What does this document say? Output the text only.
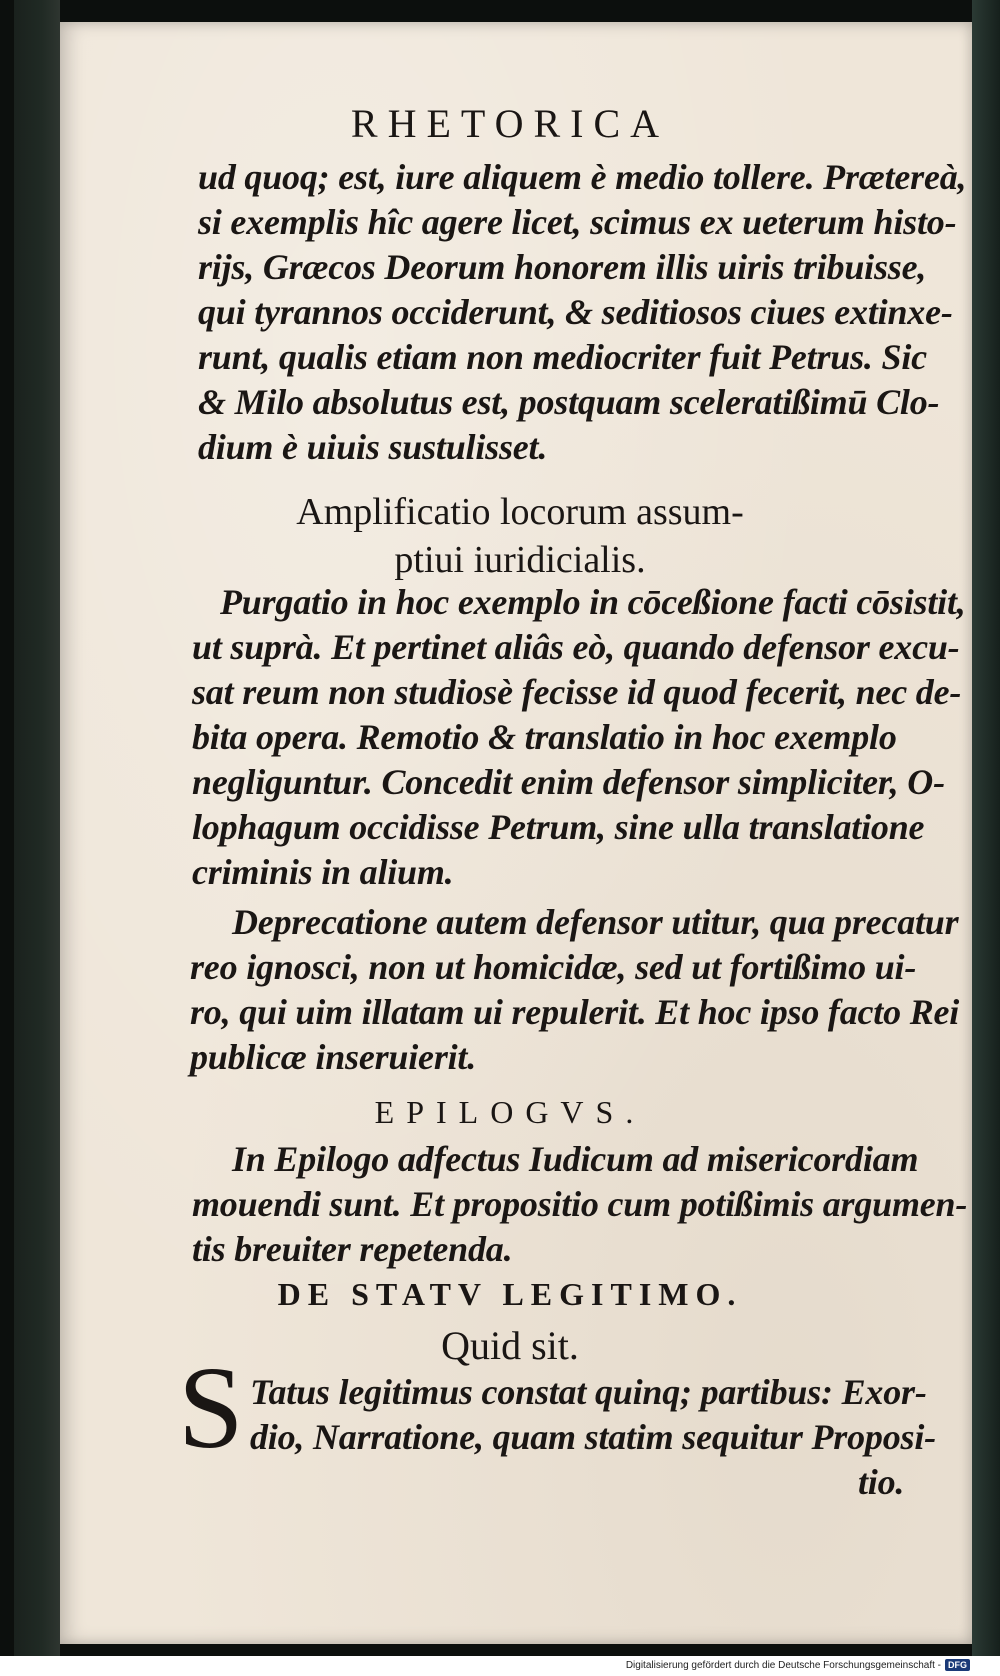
RHETORICA
ud quoq; est, iure aliquem è medio tollere. Prætereà,
si exemplis hîc agere licet, scimus ex ueterum histo-
rijs, Græcos Deorum honorem illis uiris tribuisse,
qui tyrannos occiderunt, & seditiosos ciues extinxe-
runt, qualis etiam non mediocriter fuit Petrus. Sic
& Milo absolutus est, postquam sceleratißimū Clo-
dium è uiuis sustulisset.
Amplificatio locorum assum-
ptiui iuridicialis.
Purgatio in hoc exemplo in cōceßione facti cōsistit,
ut suprà. Et pertinet aliâs eò, quando defensor excu-
sat reum non studiosè fecisse id quod fecerit, nec de-
bita opera. Remotio & translatio in hoc exemplo
negliguntur. Concedit enim defensor simpliciter, O-
lophagum occidisse Petrum, sine ulla translatione
criminis in alium.
Deprecatione autem defensor utitur, qua precatur
reo ignosci, non ut homicidæ, sed ut fortißimo ui-
ro, qui uim illatam ui repulerit. Et hoc ipso facto Rei
publicæ inseruierit.
EPILOGVS.
In Epilogo adfectus Iudicum ad misericordiam
mouendi sunt. Et propositio cum potißimis argumen-
tis breuiter repetenda.
DE STATV LEGITIMO.
Quid sit.
S Tatus legitimus constat quinq; partibus: Exor-
dio, Narratione, quam statim sequitur Proposi-
tio.
Digitalisierung gefördert durch die Deutsche Forschungsgemeinschaft - DFG
